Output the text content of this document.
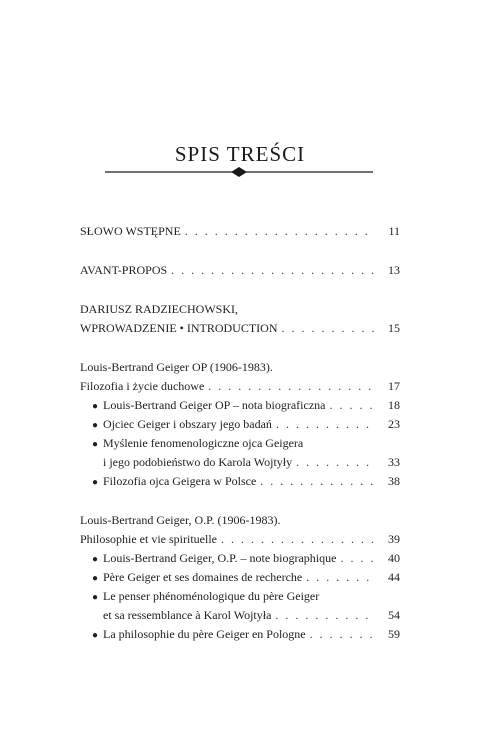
SPIS TREŚCI
SŁOWO WSTĘPNE . . .	11
AVANT-PROPOS . . .	13
DARIUSZ RADZIECHOWSKI,
WPROWADZENIE • INTRODUCTION . . .	15
Louis-Bertrand Geiger OP (1906-1983).
Filozofia i życie duchowe . . .	17
● Louis-Bertrand Geiger OP – nota biograficzna . . .	18
● Ojciec Geiger i obszary jego badań . . .	23
● Myślenie fenomenologiczne ojca Geigera
i jego podobieństwo do Karola Wojtyły . . .	33
● Filozofia ojca Geigera w Polsce . . .	38
Louis-Bertrand Geiger, O.P. (1906-1983).
Philosophie et vie spirituelle . . .	39
● Louis-Bertrand Geiger, O.P. – note biographique . . .	40
● Père Geiger et ses domaines de recherche . . .	44
● Le penser phénoménologique du père Geiger
et sa ressemblance à Karol Wojtyła . . .	54
● La philosophie du père Geiger en Pologne . . .	59
